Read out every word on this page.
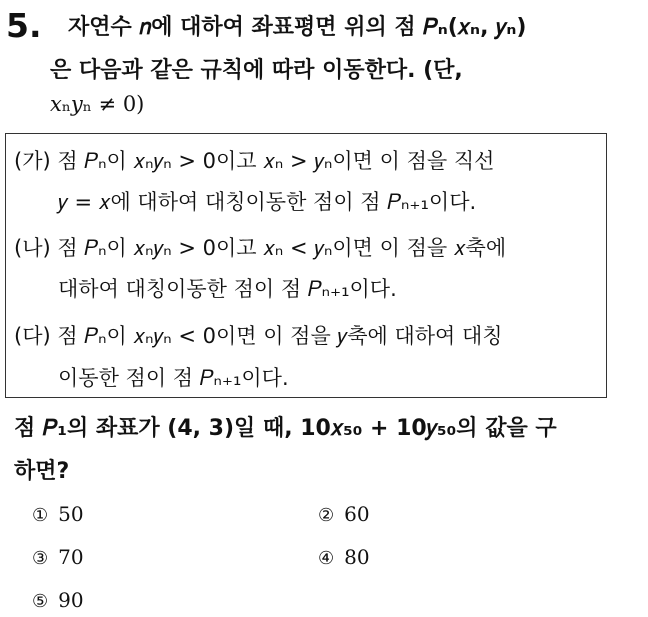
5. 자연수 𝑛에 대하여 좌표평면 위의 점 𝑃ₙ(𝑥ₙ, 𝑦ₙ)
은 다음과 같은 규칙에 따라 이동한다. (단,
𝑥ₙ𝑦ₙ ≠ 0)
(가) 점 𝑃ₙ이 𝑥ₙ𝑦ₙ > 0이고 𝑥ₙ > 𝑦ₙ이면 이 점을 직선
𝑦 = 𝑥에 대하여 대칭이동한 점이 점 𝑃ₙ₊₁이다.
(나) 점 𝑃ₙ이 𝑥ₙ𝑦ₙ > 0이고 𝑥ₙ < 𝑦ₙ이면 이 점을 𝑥축에
대하여 대칭이동한 점이 점 𝑃ₙ₊₁이다.
(다) 점 𝑃ₙ이 𝑥ₙ𝑦ₙ < 0이면 이 점을 𝑦축에 대하여 대칭
이동한 점이 점 𝑃ₙ₊₁이다.
점 𝑃₁의 좌표가 (4, 3)일 때, 10𝑥₅₀ + 10𝑦₅₀의 값을 구
하면?
① 50	② 60
③ 70	④ 80
⑤ 90
